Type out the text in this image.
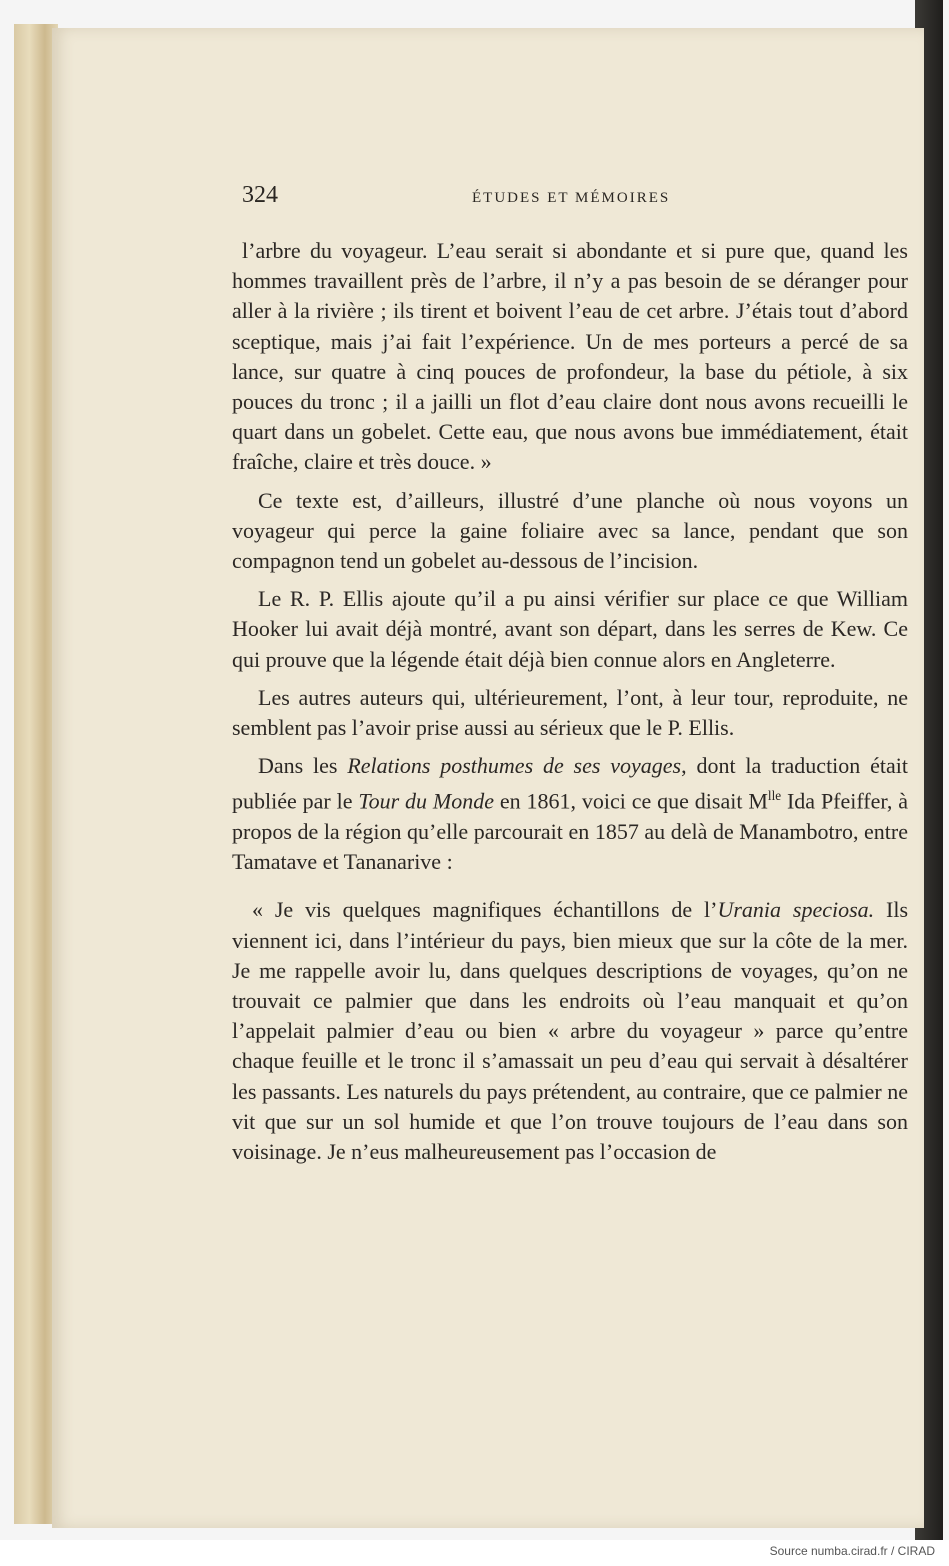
324	ÉTUDES ET MÉMOIRES

l’arbre du voyageur. L’eau serait si abondante et si pure que, quand les hommes travaillent près de l’arbre, il n’y a pas besoin de se déranger pour aller à la rivière ; ils tirent et boivent l’eau de cet arbre. J’étais tout d’abord sceptique, mais j’ai fait l’expérience. Un de mes porteurs a percé de sa lance, sur quatre à cinq pouces de profondeur, la base du pétiole, à six pouces du tronc ; il a jailli un flot d’eau claire dont nous avons recueilli le quart dans un gobelet. Cette eau, que nous avons bue immédiatement, était fraîche, claire et très douce. »

Ce texte est, d’ailleurs, illustré d’une planche où nous voyons un voyageur qui perce la gaine foliaire avec sa lance, pendant que son compagnon tend un gobelet au-dessous de l’incision.

Le R. P. Ellis ajoute qu’il a pu ainsi vérifier sur place ce que William Hooker lui avait déjà montré, avant son départ, dans les serres de Kew. Ce qui prouve que la légende était déjà bien connue alors en Angleterre.

Les autres auteurs qui, ultérieurement, l’ont, à leur tour, reproduite, ne semblent pas l’avoir prise aussi au sérieux que le P. Ellis.

Dans les Relations posthumes de ses voyages, dont la traduction était publiée par le Tour du Monde en 1861, voici ce que disait $M^{lle}$ Ida Pfeiffer, à propos de la région qu’elle parcourait en 1857 au delà de Manambotro, entre Tamatave et Tananarive :

« Je vis quelques magnifiques échantillons de l’Urania speciosa. Ils viennent ici, dans l’intérieur du pays, bien mieux que sur la côte de la mer. Je me rappelle avoir lu, dans quelques descriptions de voyages, qu’on ne trouvait ce palmier que dans les endroits où l’eau manquait et qu’on l’appelait palmier d’eau ou bien « arbre du voyageur » parce qu’entre chaque feuille et le tronc il s’amassait un peu d’eau qui servait à désaltérer les passants. Les naturels du pays prétendent, au contraire, que ce palmier ne vit que sur un sol humide et que l’on trouve toujours de l’eau dans son voisinage. Je n’eus malheureusement pas l’occasion de

Source numba.cirad.fr / CIRAD
